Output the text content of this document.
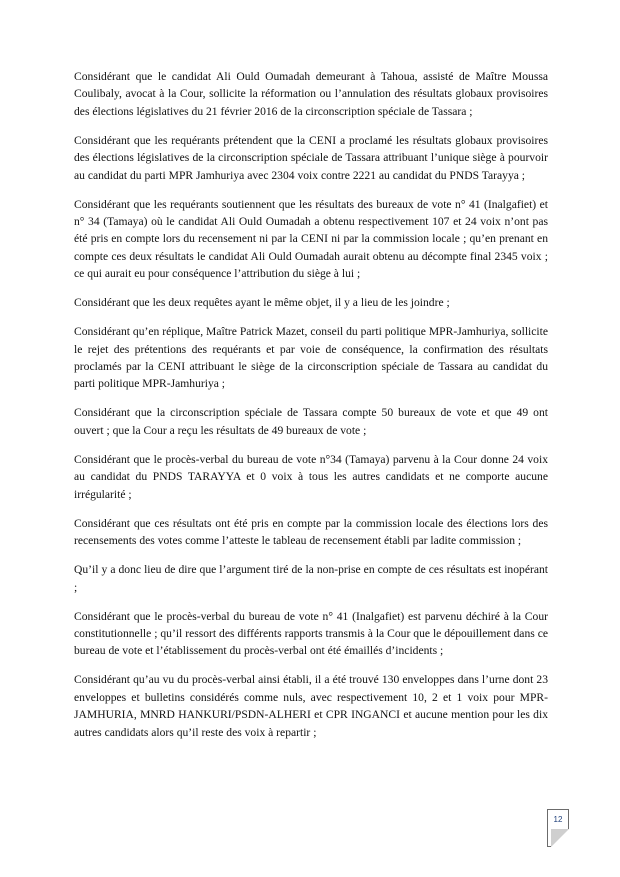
Considérant que le candidat Ali Ould Oumadah demeurant à Tahoua, assisté de Maître Moussa Coulibaly, avocat à la Cour, sollicite la réformation ou l’annulation des résultats globaux provisoires des élections législatives du 21 février 2016 de la circonscription spéciale de Tassara ;

Considérant que les requérants prétendent que la CENI a proclamé les résultats globaux provisoires des élections législatives de la circonscription spéciale de Tassara attribuant l’unique siège à pourvoir au candidat du parti MPR Jamhuriya avec 2304 voix contre 2221 au candidat du PNDS Tarayya ;

Considérant que les requérants soutiennent que les résultats des bureaux de vote n° 41 (Inalgafiet) et n° 34 (Tamaya) où le candidat Ali Ould Oumadah a obtenu respectivement 107 et 24 voix n’ont pas été pris en compte lors du recensement ni par la CENI ni par la commission locale ; qu’en prenant en compte ces deux résultats le candidat Ali Ould Oumadah aurait obtenu au décompte final 2345 voix ; ce qui aurait eu pour conséquence l’attribution du siège à lui ;

Considérant que les deux requêtes ayant le même objet, il y a lieu de les joindre ;

Considérant qu’en réplique, Maître Patrick Mazet, conseil du parti politique MPR-Jamhuriya, sollicite le rejet des prétentions des requérants et par voie de conséquence, la confirmation des résultats proclamés par la CENI attribuant le siège de la circonscription spéciale de Tassara au candidat du parti politique MPR-Jamhuriya ;

Considérant que la circonscription spéciale de Tassara compte 50 bureaux de vote et que 49 ont ouvert ; que la Cour a reçu les résultats de 49 bureaux de vote ;

Considérant que le procès-verbal du bureau de vote n°34 (Tamaya) parvenu à la Cour donne 24 voix au candidat du PNDS TARAYYA et 0 voix à tous les autres candidats et ne comporte aucune irrégularité ;

Considérant que ces résultats ont été pris en compte par la commission locale des élections lors des recensements des votes comme l’atteste le tableau de recensement établi par ladite commission ;

Qu’il y a donc lieu de dire que l’argument tiré de la non-prise en compte de ces résultats est inopérant ;

Considérant que le procès-verbal du bureau de vote n° 41 (Inalgafiet) est parvenu déchiré à la Cour constitutionnelle ; qu’il ressort des différents rapports transmis à la Cour que le dépouillement dans ce bureau de vote et l’établissement du procès-verbal ont été émaillés d’incidents ;

Considérant qu’au vu du procès-verbal ainsi établi, il a été trouvé 130 enveloppes dans l’urne dont 23 enveloppes et bulletins considérés comme nuls, avec respectivement 10, 2 et 1 voix pour MPR-JAMHURIA, MNRD HANKURI/PSDN-ALHERI et CPR INGANCI et aucune mention pour les dix autres candidats alors qu’il reste des voix à repartir ;

12
